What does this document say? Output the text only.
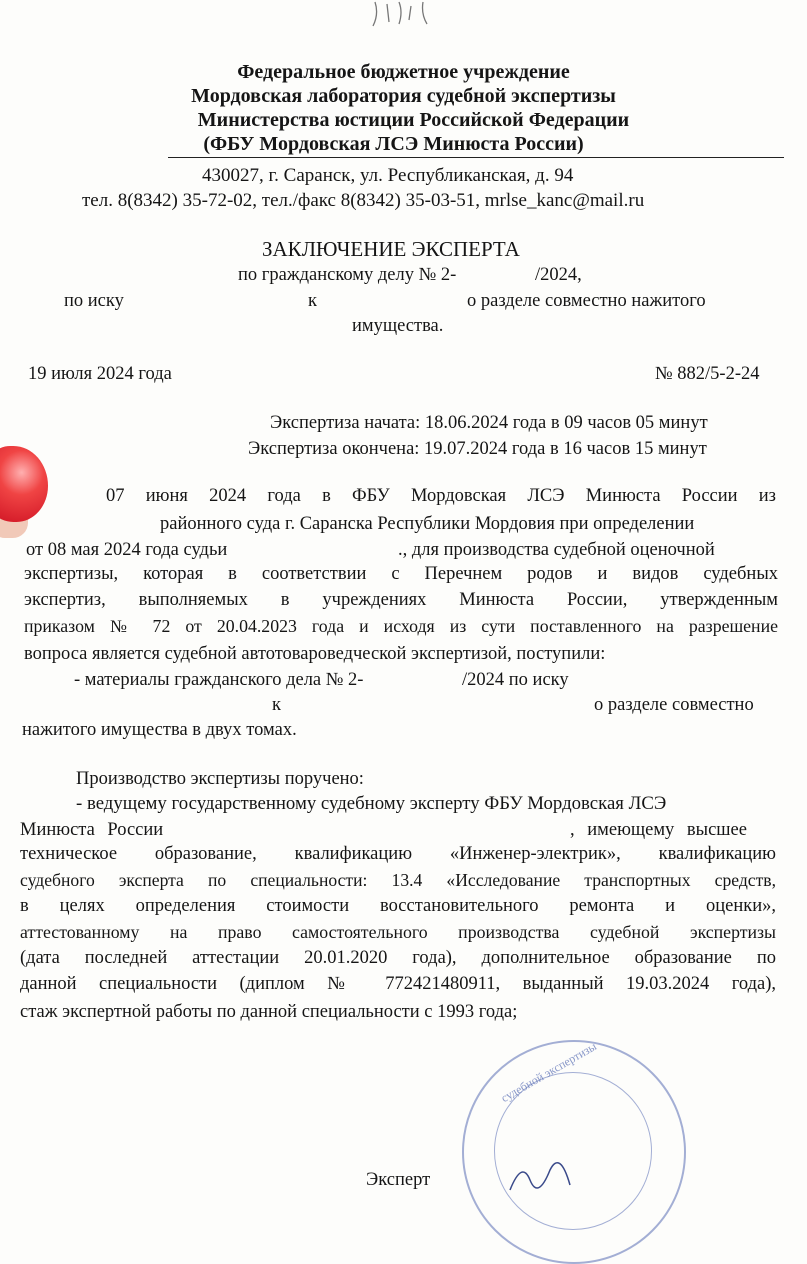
Федеральное бюджетное учреждение
Мордовская лаборатория судебной экспертизы
Министерства юстиции Российской Федерации
(ФБУ Мордовская ЛСЭ Минюста России)
430027, г. Саранск, ул. Республиканская, д. 94
тел. 8(8342) 35-72-02, тел./факс 8(8342) 35-03-51, mrlse_kanc@mail.ru
ЗАКЛЮЧЕНИЕ ЭКСПЕРТА
по гражданскому делу № 2-	/2024,
по иску	к	о разделе совместно нажитого
имущества.
19 июля 2024 года	№ 882/5-2-24
Экспертиза начата: 18.06.2024 года в 09 часов 05 минут
Экспертиза окончена: 19.07.2024 года в 16 часов 15 минут
07 июня 2024 года в ФБУ Мордовская ЛСЭ Минюста России из
районного суда г. Саранска Республики Мордовия при определении
от 08 мая 2024 года судьи	., для производства судебной оценочной
экспертизы, которая в соответствии с Перечнем родов и видов судебных
экспертиз, выполняемых в учреждениях Минюста России, утвержденным
приказом № 72 от 20.04.2023 года и исходя из сути поставленного на разрешение
вопроса является судебной автотовароведческой экспертизой, поступили:
- материалы гражданского дела № 2-	/2024 по иску
к	о разделе совместно
нажитого имущества в двух томах.
Производство экспертизы поручено:
- ведущему государственному судебному эксперту ФБУ Мордовская ЛСЭ
Минюста России	, имеющему высшее
техническое образование, квалификацию «Инженер-электрик», квалификацию
судебного эксперта по специальности: 13.4 «Исследование транспортных средств,
в целях определения стоимости восстановительного ремонта и оценки»,
аттестованному на право самостоятельного производства судебной экспертизы
(дата последней аттестации 20.01.2020 года), дополнительное образование по
данной специальности (диплом № 772421480911, выданный 19.03.2024 года),
стаж экспертной работы по данной специальности с 1993 года;
судебной экспертизы
Эксперт
